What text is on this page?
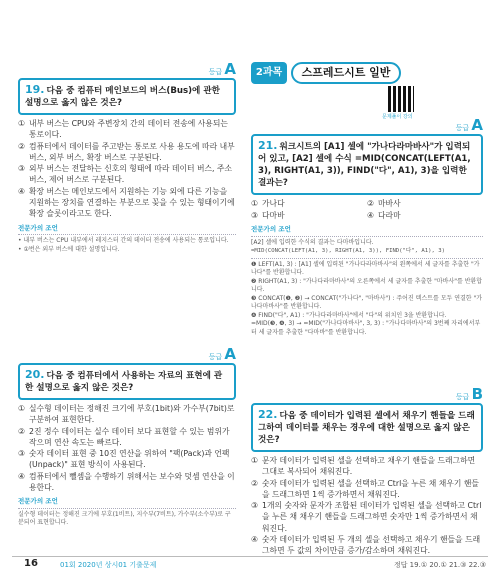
2과목	스프레드시트 일반
문제풀이 강의
등급 A
19. 다음 중 컴퓨터 메인보드의 버스(Bus)에 관한 설명으로 옳지 않은 것은?
① 내부 버스는 CPU와 주변장치 간의 데이터 전송에 사용되는 통로이다.
② 컴퓨터에서 데이터를 주고받는 통로로 사용 용도에 따라 내부 버스, 외부 버스, 확장 버스로 구분된다.
③ 외부 버스는 전달하는 신호의 형태에 따라 데이터 버스, 주소 버스, 제어 버스로 구분된다.
④ 확장 버스는 메인보드에서 지원하는 기능 외에 다른 기능을 지원하는 장치를 연결하는 부분으로 꽂을 수 있는 형태이기에 확장 슬롯이라고도 한다.
전문가의 조언
• 내부 버스는 CPU 내부에서 레지스터 간의 데이터 전송에 사용되는 통로입니다.
• ①번은 외부 버스에 대한 설명입니다.
등급 A
20. 다음 중 컴퓨터에서 사용하는 자료의 표현에 관한 설명으로 옳지 않은 것은?
① 실수형 데이터는 정해진 크기에 부호(1bit)와 가수부(7bit)로 구분하여 표현한다.
② 2진 정수 데이터는 실수 데이터 보다 표현할 수 있는 범위가 작으며 연산 속도는 빠르다.
③ 숫자 데이터 표현 중 10진 연산을 위하여 "팩(Pack)과 언팩(Unpack)" 표현 방식이 사용된다.
④ 컴퓨터에서 뺄셈을 수행하기 위해서는 보수와 덧셈 연산을 이용한다.
전문가의 조언
실수형 데이터는 정해진 크기에 부호(1비트), 지수부(7비트), 가수부(소수부)로 구분되어 표현합니다.
등급 A
21. 워크시트의 [A1] 셀에 "가나다라마바사"가 입력되어 있고, [A2] 셀에 수식 =MID(CONCAT(LEFT(A1, 3), RIGHT(A1, 3)), FIND("다", A1), 3)을 입력한 결과는?
① 가나다	② 마바사
③ 다마바	④ 다라마
전문가의 조언
[A2] 셀에 입력한 수식의 결과는 다마바입니다.
=MID(CONCAT(LEFT(A1, 3), RIGHT(A1, 3)), FIND("다", A1), 3)
❶ LEFT(A1, 3) : [A1] 셀에 입력된 "가나다라마바사"의 왼쪽에서 세 글자를 추출한 "가나다"를 반환합니다.
❷ RIGHT(A1, 3) : "가나다라마바사"의 오른쪽에서 세 글자를 추출한 "마바사"를 반환합니다.
❸ CONCAT(❶, ❷) → CONCAT("가나다", "마바사") : 주어진 텍스트를 모두 연결한 "가나다마바사"를 반환합니다.
❹ FIND("다", A1) : "가나다라마바사"에서 "다"의 위치인 3을 반환합니다.
=MID(❸, ❹, 3) → =MID("가나다마바사", 3, 3) : "가나다마바사"의 3번째 자리에서부터 세 글자를 추출한 "다마바"를 반환합니다.
등급 B
22. 다음 중 데이터가 입력된 셀에서 채우기 핸들을 드래그하여 데이터를 채우는 경우에 대한 설명으로 옳지 않은 것은?
① 문자 데이터가 입력된 셀을 선택하고 채우기 핸들을 드래그하면 그대로 복사되어 채워진다.
② 숫자 데이터가 입력된 셀을 선택하고 Ctrl을 누른 채 채우기 핸들을 드래그하면 1씩 증가하면서 채워진다.
③ 1개의 숫자와 문자가 조합된 데이터가 입력된 셀을 선택하고 Ctrl을 누른 채 채우기 핸들을 드래그하면 숫자만 1씩 증가하면서 채워진다.
④ 숫자 데이터가 입력된 두 개의 셀을 선택하고 채우기 핸들을 드래그하면 두 값의 차이만큼 증가/감소하며 채워진다.
16	01회 2020년 상시01 기출문제	정답 19.① 20.① 21.③ 22.③
